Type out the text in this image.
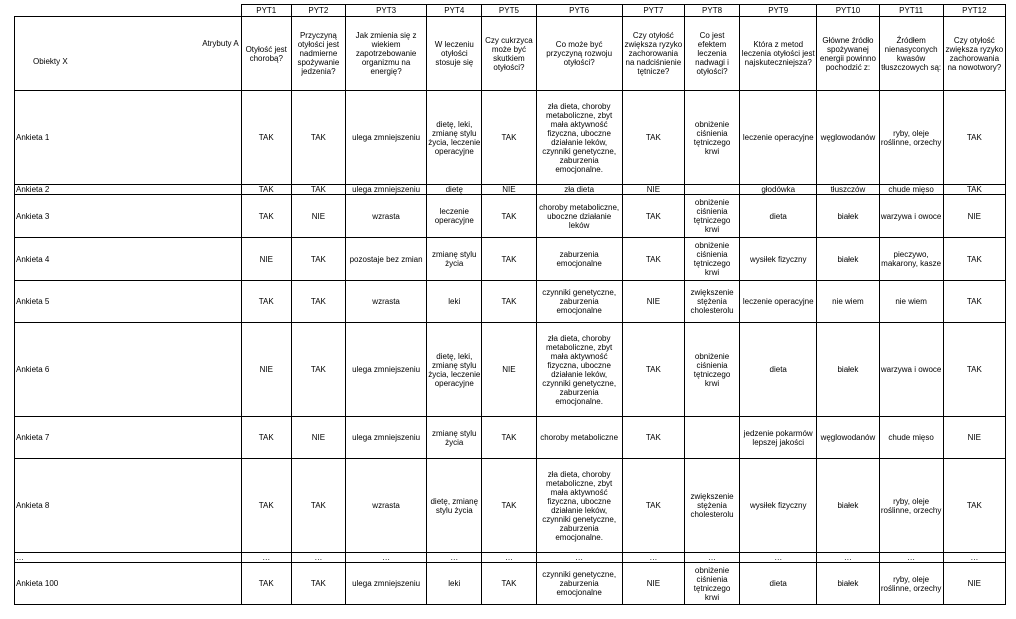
	PYT1	PYT2	PYT3	PYT4	PYT5	PYT6	PYT7	PYT8	PYT9	PYT10	PYT11	PYT12

Atrybuty A
Obiekty X	Otyłość jest chorobą?	Przyczyną otyłości jest nadmierne spożywanie jedzenia?	Jak zmienia się z wiekiem zapotrzebowanie organizmu na energię?	W leczeniu otyłości stosuje się	Czy cukrzyca może być skutkiem otyłości?	Co może być przyczyną rozwoju otyłości?	Czy otyłość zwiększa ryzyko zachorowania na nadciśnienie tętnicze?	Co jest efektem leczenia nadwagi i otyłości?	Która z metod leczenia otyłości jest najskuteczniejsza?	Główne źródło spożywanej energii powinno pochodzić z:	Źródłem nienasyconych kwasów tłuszczowych są:	Czy otyłość zwiększa ryzyko zachorowania na nowotwory?
Ankieta 1	TAK	TAK	ulega zmniejszeniu	dietę, leki, zmianę stylu życia, leczenie operacyjne	TAK	zła dieta, choroby metaboliczne, zbyt mała aktywność fizyczna, uboczne działanie leków, czynniki genetyczne, zaburzenia emocjonalne.	TAK	obniżenie ciśnienia tętniczego krwi	leczenie operacyjne	węglowodanów	ryby, oleje roślinne, orzechy	TAK
Ankieta 2	TAK	TAK	ulega zmniejszeniu	dietę	NIE	zła dieta	NIE		głodówka	tłuszczów	chude mięso	TAK
Ankieta 3	TAK	NIE	wzrasta	leczenie operacyjne	TAK	choroby metaboliczne, uboczne działanie leków	TAK	obniżenie ciśnienia tętniczego krwi	dieta	białek	warzywa i owoce	NIE
Ankieta 4	NIE	TAK	pozostaje bez zmian	zmianę stylu życia	TAK	zaburzenia emocjonalne	TAK	obniżenie ciśnienia tętniczego krwi	wysiłek fizyczny	białek	pieczywo, makarony, kasze	TAK
Ankieta 5	TAK	TAK	wzrasta	leki	TAK	czynniki genetyczne, zaburzenia emocjonalne	NIE	zwiększenie stężenia cholesterolu	leczenie operacyjne	nie wiem	nie wiem	TAK
Ankieta 6	NIE	TAK	ulega zmniejszeniu	dietę, leki, zmianę stylu życia, leczenie operacyjne	NIE	zła dieta, choroby metaboliczne, zbyt mała aktywność fizyczna, uboczne działanie leków, czynniki genetyczne, zaburzenia emocjonalne.	TAK	obniżenie ciśnienia tętniczego krwi	dieta	białek	warzywa i owoce	TAK
Ankieta 7	TAK	NIE	ulega zmniejszeniu	zmianę stylu życia	TAK	choroby metaboliczne	TAK		jedzenie pokarmów lepszej jakości	węglowodanów	chude mięso	NIE
Ankieta 8	TAK	TAK	wzrasta	dietę, zmianę stylu życia	TAK	zła dieta, choroby metaboliczne, zbyt mała aktywność fizyczna, uboczne działanie leków, czynniki genetyczne, zaburzenia emocjonalne.	TAK	zwiększenie stężenia cholesterolu	wysiłek fizyczny	białek	ryby, oleje roślinne, orzechy	TAK
…	…	…	…	…	…	…	…	…	…	…	…	…
Ankieta 100	TAK	TAK	ulega zmniejszeniu	leki	TAK	czynniki genetyczne, zaburzenia emocjonalne	NIE	obniżenie ciśnienia tętniczego krwi	dieta	białek	ryby, oleje roślinne, orzechy	NIE
